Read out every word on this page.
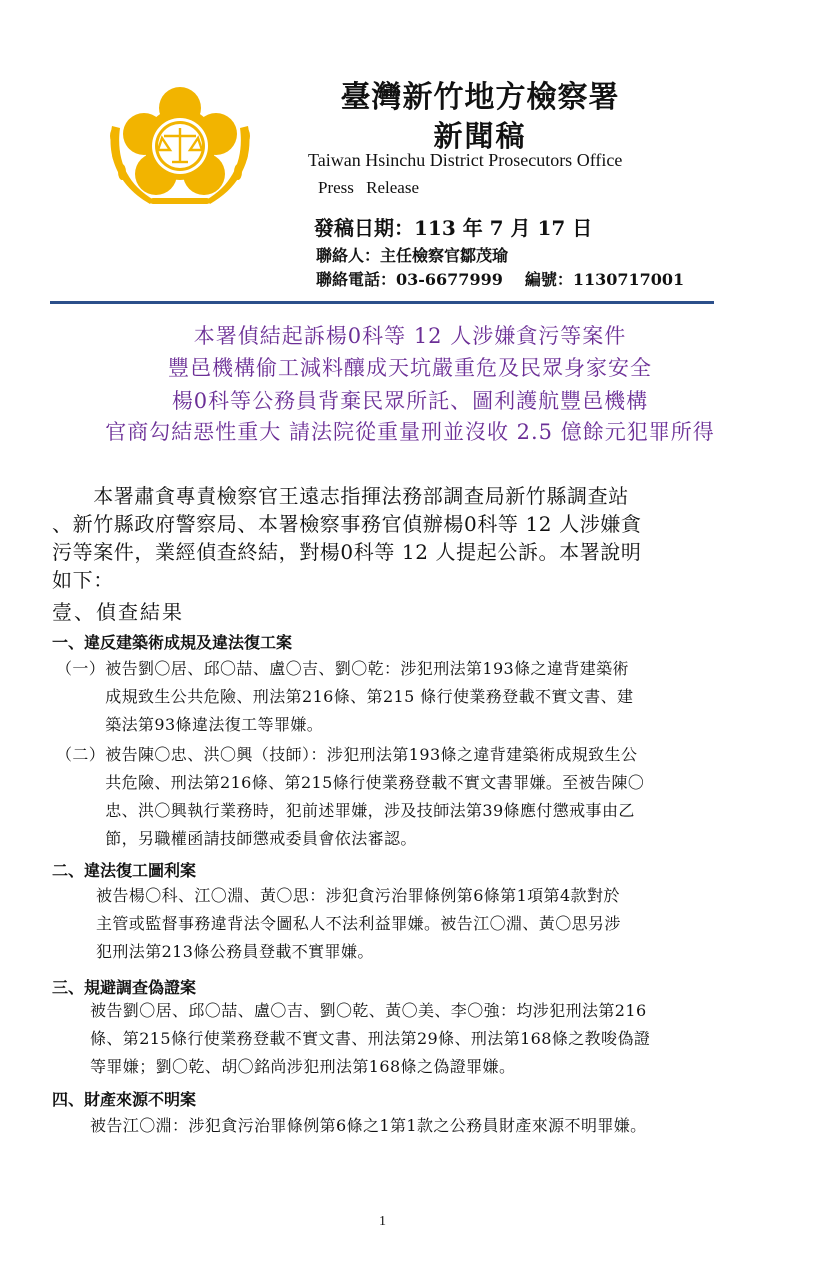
臺灣新竹地方檢察署
新聞稿
Taiwan Hsinchu District Prosecutors Office
Press Release
發稿日期：113 年 7 月 17 日
聯絡人：主任檢察官鄒茂瑜
聯絡電話：03-6677999 編號：1130717001
本署偵結起訴楊0科等 12 人涉嫌貪污等案件
豐邑機構偷工減料釀成天坑嚴重危及民眾身家安全
楊0科等公務員背棄民眾所託、圖利護航豐邑機構
官商勾結惡性重大 請法院從重量刑並沒收 2.5 億餘元犯罪所得
　　本署肅貪專責檢察官王遠志指揮法務部調查局新竹縣調查站
、新竹縣政府警察局、本署檢察事務官偵辦楊0科等 12 人涉嫌貪
污等案件，業經偵查終結，對楊0科等 12 人提起公訴。本署說明
如下：
壹、偵查結果
一、違反建築術成規及違法復工案
（一）被告劉〇居、邱〇喆、盧〇吉、劉〇乾：涉犯刑法第193條之違背建築術
　　　成規致生公共危險、刑法第216條、第215 條行使業務登載不實文書、建
　　　築法第93條違法復工等罪嫌。
（二）被告陳〇忠、洪〇興（技師）：涉犯刑法第193條之違背建築術成規致生公
　　　共危險、刑法第216條、第215條行使業務登載不實文書罪嫌。至被告陳〇
　　　忠、洪〇興執行業務時，犯前述罪嫌，涉及技師法第39條應付懲戒事由乙
　　　節，另職權函請技師懲戒委員會依法審認。
二、違法復工圖利案
被告楊〇科、江〇淵、黃〇思：涉犯貪污治罪條例第6條第1項第4款對於
主管或監督事務違背法令圖私人不法利益罪嫌。被告江〇淵、黃〇思另涉
犯刑法第213條公務員登載不實罪嫌。
三、規避調查偽證案
被告劉〇居、邱〇喆、盧〇吉、劉〇乾、黃〇美、李〇強：均涉犯刑法第216
條、第215條行使業務登載不實文書、刑法第29條、刑法第168條之教唆偽證
等罪嫌；劉〇乾、胡〇銘尚涉犯刑法第168條之偽證罪嫌。
四、財產來源不明案
被告江〇淵：涉犯貪污治罪條例第6條之1第1款之公務員財產來源不明罪嫌。
1
